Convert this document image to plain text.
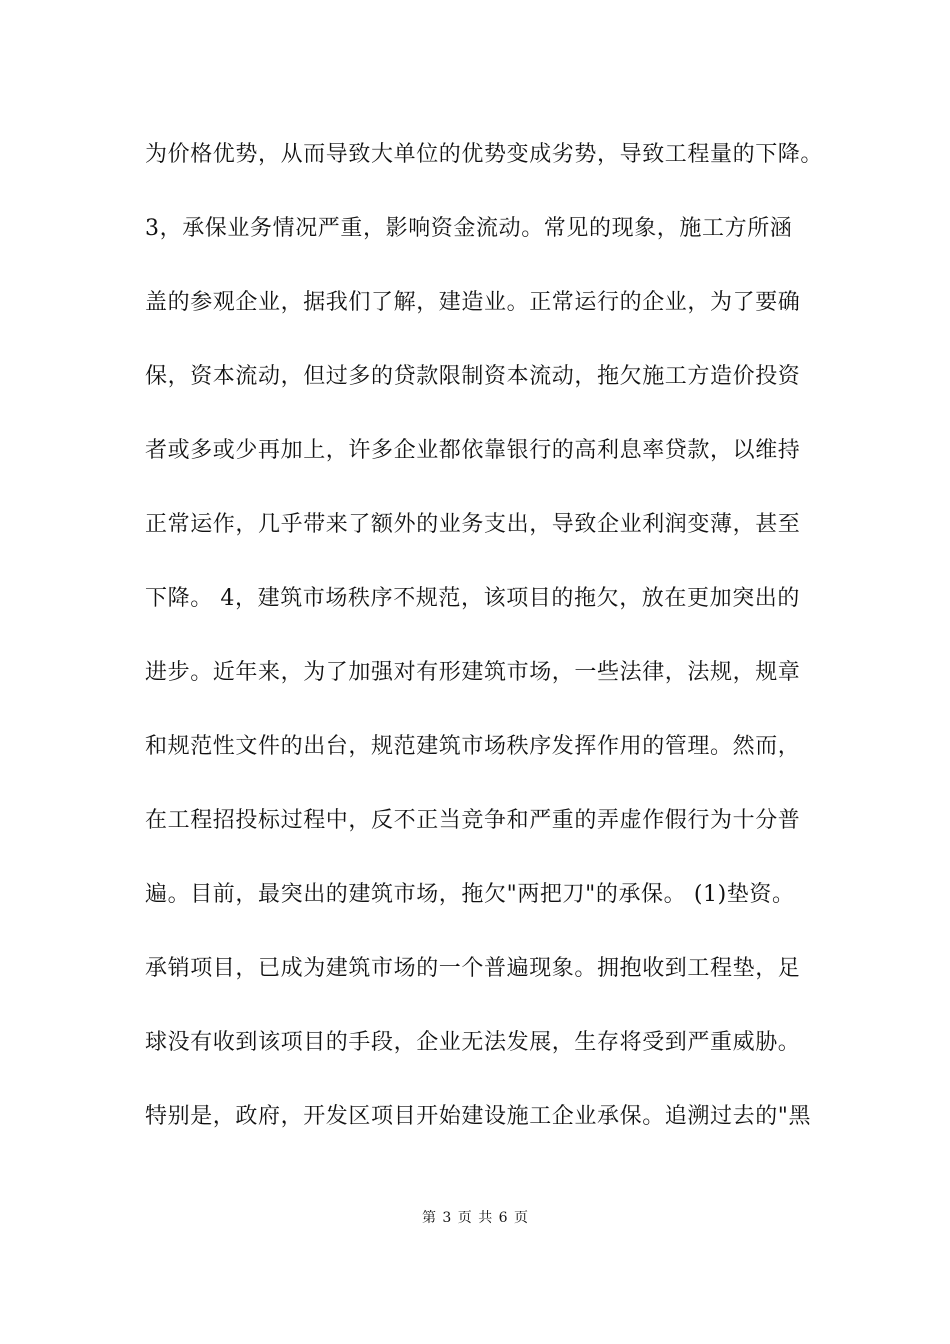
为价格优势，从而导致大单位的优势变成劣势，导致工程量的下降。
3，承保业务情况严重，影响资金流动。常见的现象，施工方所涵
盖的参观企业，据我们了解，建造业。正常运行的企业，为了要确
保，资本流动，但过多的贷款限制资本流动，拖欠施工方造价投资
者或多或少再加上，许多企业都依靠银行的高利息率贷款，以维持
正常运作，几乎带来了额外的业务支出，导致企业利润变薄，甚至
下降。 4，建筑市场秩序不规范，该项目的拖欠，放在更加突出的
进步。近年来，为了加强对有形建筑市场，一些法律，法规，规章
和规范性文件的出台，规范建筑市场秩序发挥作用的管理。然而，
在工程招投标过程中，反不正当竞争和严重的弄虚作假行为十分普
遍。目前，最突出的建筑市场，拖欠"两把刀"的承保。 (1)垫资。
承销项目，已成为建筑市场的一个普遍现象。拥抱收到工程垫，足
球没有收到该项目的手段，企业无法发展，生存将受到严重威胁。
特别是，政府，开发区项目开始建设施工企业承保。追溯过去的"黑
第 3 页 共 6 页
